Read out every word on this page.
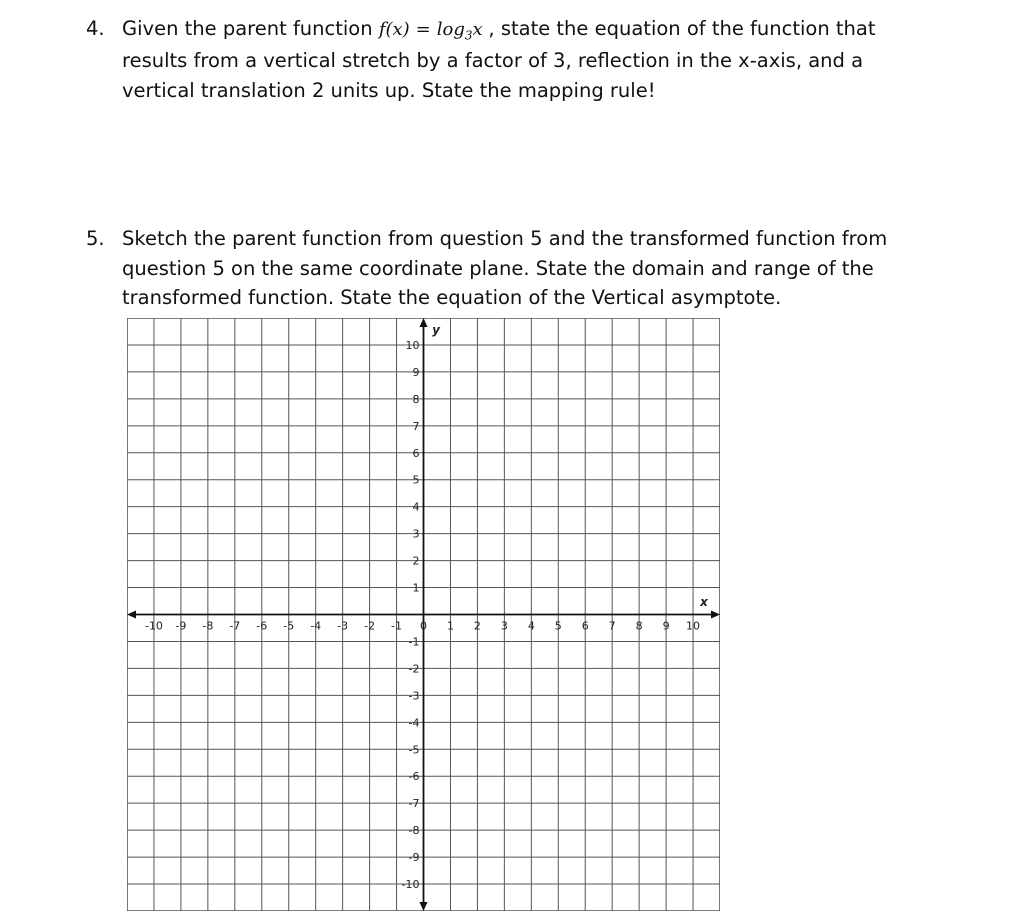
4. Given the parent function $f(x) = \log_3x$ , state the equation of the function that
results from a vertical stretch by a factor of 3, reflection in the x-axis, and a
vertical translation 2 units up. State the mapping rule!
5. Sketch the parent function from question 5 and the transformed function from
question 5 on the same coordinate plane. State the domain and range of the
transformed function. State the equation of the Vertical asymptote.
-10 -9 -8 -7 -6 -5 -4 -3 -2 -1 0 1 2 3 4 5 6 7 8 9 10
10
9
8
7
6
5
4
3
2
1
-1
-2
-3
-4
-5
-6
-7
-8
-9
-10
x
y
